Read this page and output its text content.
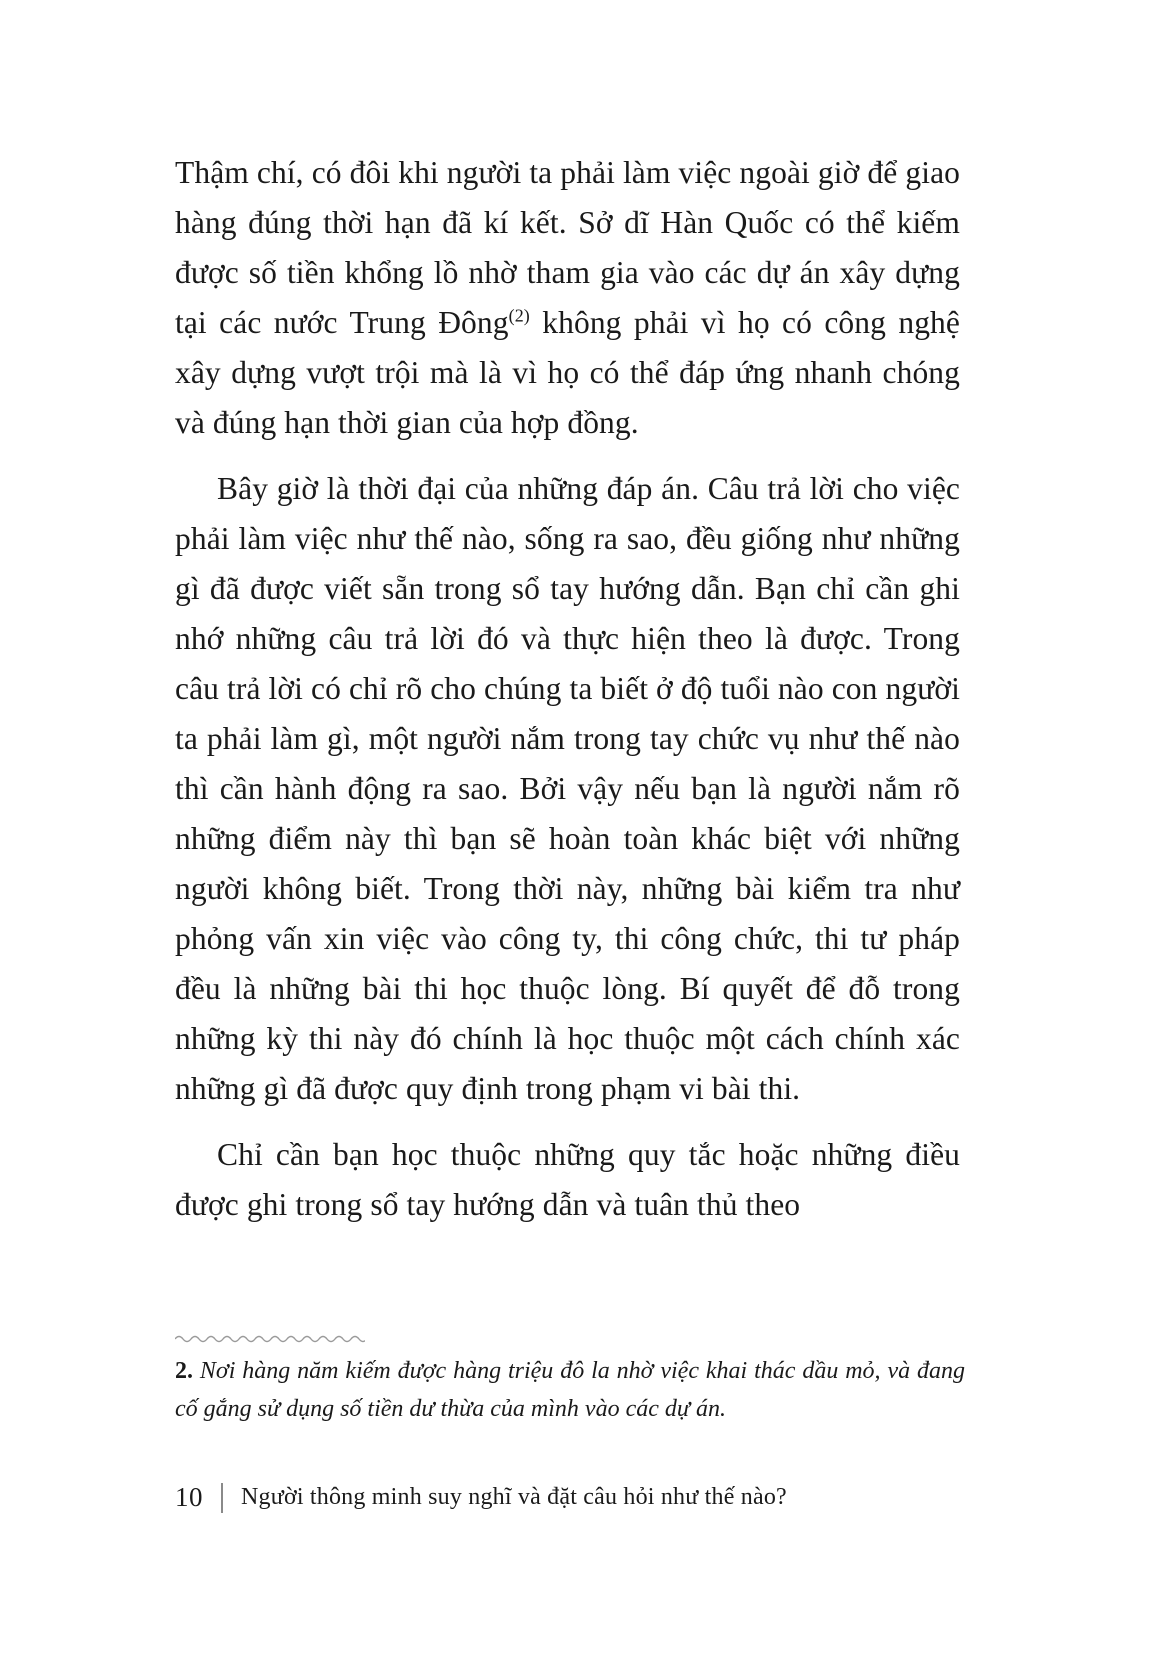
Thậm chí, có đôi khi người ta phải làm việc ngoài giờ để giao hàng đúng thời hạn đã kí kết. Sở dĩ Hàn Quốc có thể kiếm được số tiền khổng lồ nhờ tham gia vào các dự án xây dựng tại các nước Trung Đông$^{(2)}$ không phải vì họ có công nghệ xây dựng vượt trội mà là vì họ có thể đáp ứng nhanh chóng và đúng hạn thời gian của hợp đồng.

Bây giờ là thời đại của những đáp án. Câu trả lời cho việc phải làm việc như thế nào, sống ra sao, đều giống như những gì đã được viết sẵn trong sổ tay hướng dẫn. Bạn chỉ cần ghi nhớ những câu trả lời đó và thực hiện theo là được. Trong câu trả lời có chỉ rõ cho chúng ta biết ở độ tuổi nào con người ta phải làm gì, một người nắm trong tay chức vụ như thế nào thì cần hành động ra sao. Bởi vậy nếu bạn là người nắm rõ những điểm này thì bạn sẽ hoàn toàn khác biệt với những người không biết. Trong thời này, những bài kiểm tra như phỏng vấn xin việc vào công ty, thi công chức, thi tư pháp đều là những bài thi học thuộc lòng. Bí quyết để đỗ trong những kỳ thi này đó chính là học thuộc một cách chính xác những gì đã được quy định trong phạm vi bài thi.

Chỉ cần bạn học thuộc những quy tắc hoặc những điều được ghi trong sổ tay hướng dẫn và tuân thủ theo

2. Nơi hàng năm kiếm được hàng triệu đô la nhờ việc khai thác dầu mỏ, và đang cố gắng sử dụng số tiền dư thừa của mình vào các dự án.
10 Người thông minh suy nghĩ và đặt câu hỏi như thế nào?
